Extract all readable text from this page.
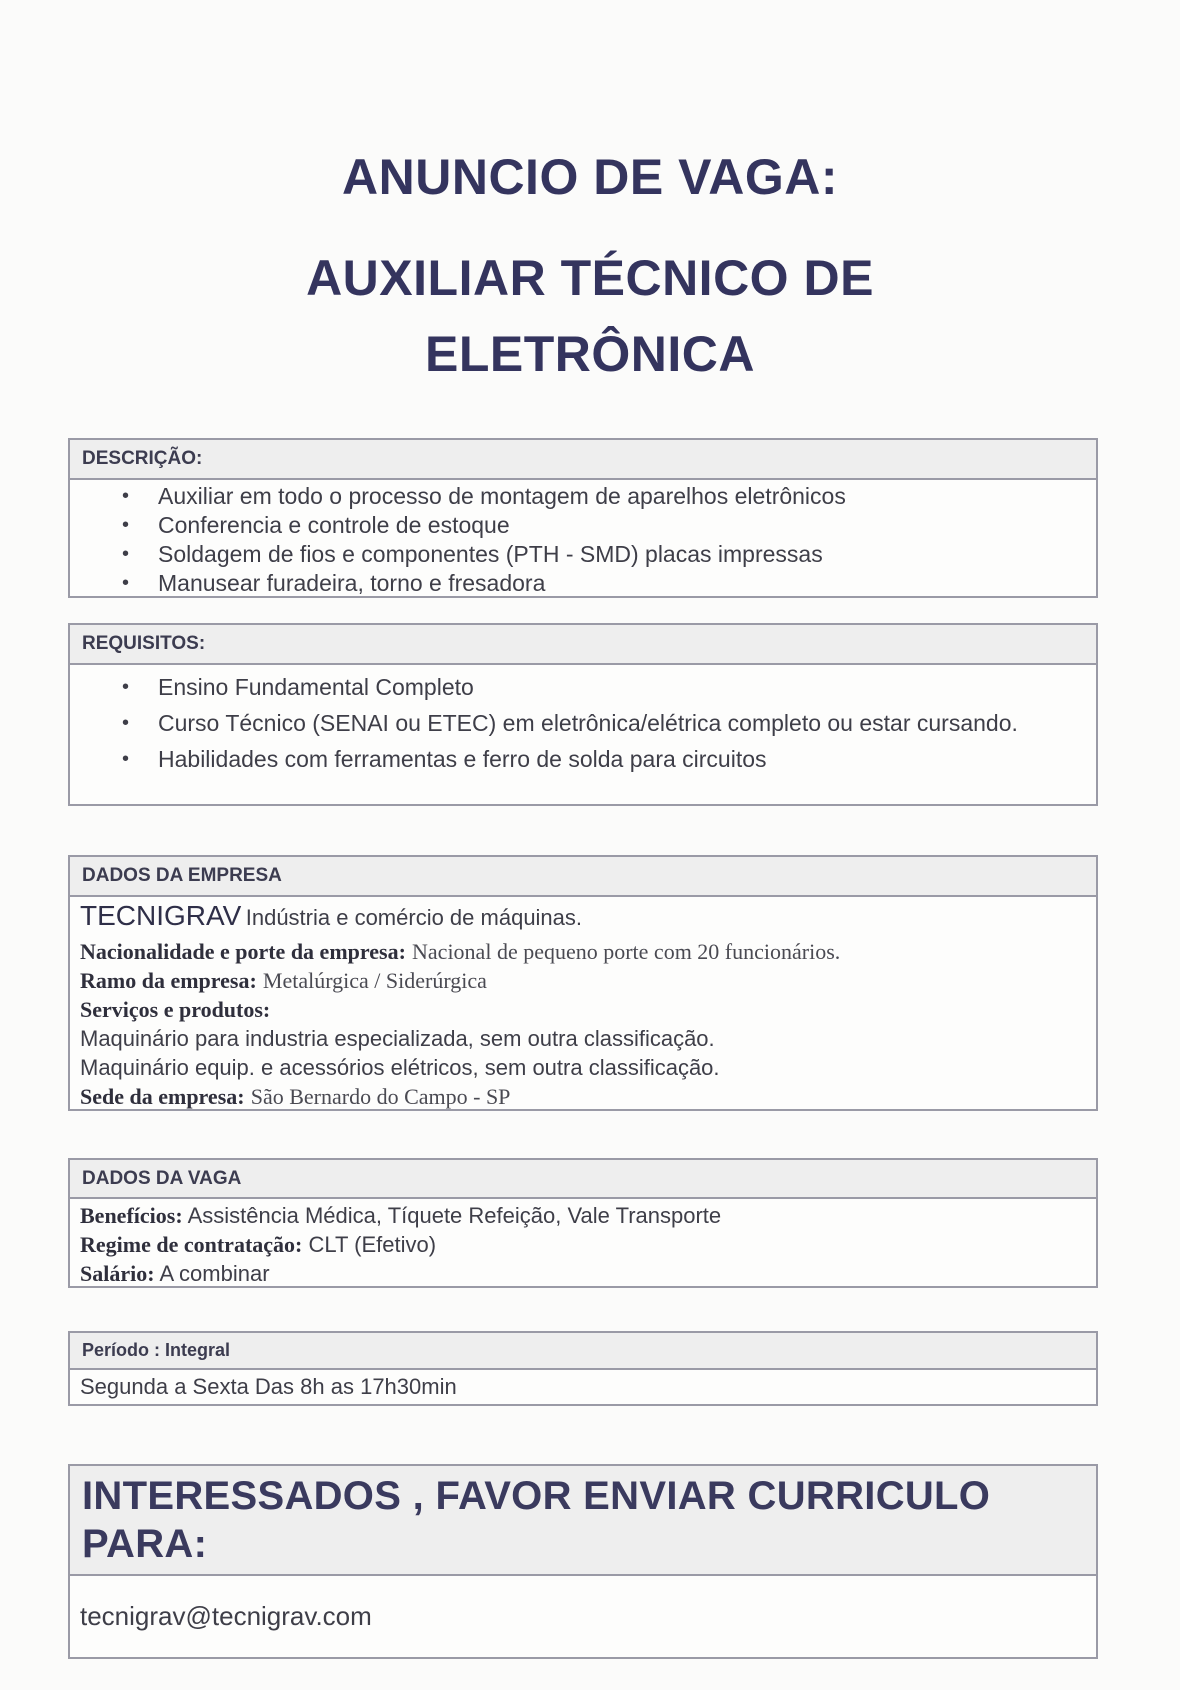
ANUNCIO DE VAGA:
AUXILIAR TÉCNICO DE
ELETRÔNICA
DESCRIÇÃO:
• Auxiliar em todo o processo de montagem de aparelhos eletrônicos
• Conferencia e controle de estoque
• Soldagem de fios e componentes (PTH - SMD) placas impressas
• Manusear furadeira, torno e fresadora
REQUISITOS:
• Ensino Fundamental Completo
• Curso Técnico (SENAI ou ETEC) em eletrônica/elétrica completo ou estar cursando.
• Habilidades com ferramentas e ferro de solda para circuitos
DADOS DA EMPRESA
TECNIGRAV Indústria e comércio de máquinas.
Nacionalidade e porte da empresa: Nacional de pequeno porte com 20 funcionários.
Ramo da empresa: Metalúrgica / Siderúrgica
Serviços e produtos:
Maquinário para industria especializada, sem outra classificação.
Maquinário equip. e acessórios elétricos, sem outra classificação.
Sede da empresa: São Bernardo do Campo - SP
DADOS DA VAGA
Benefícios: Assistência Médica, Tíquete Refeição, Vale Transporte
Regime de contratação: CLT (Efetivo)
Salário: A combinar
Período : Integral
Segunda a Sexta Das 8h as 17h30min
INTERESSADOS , FAVOR ENVIAR CURRICULO PARA:
tecnigrav@tecnigrav.com
